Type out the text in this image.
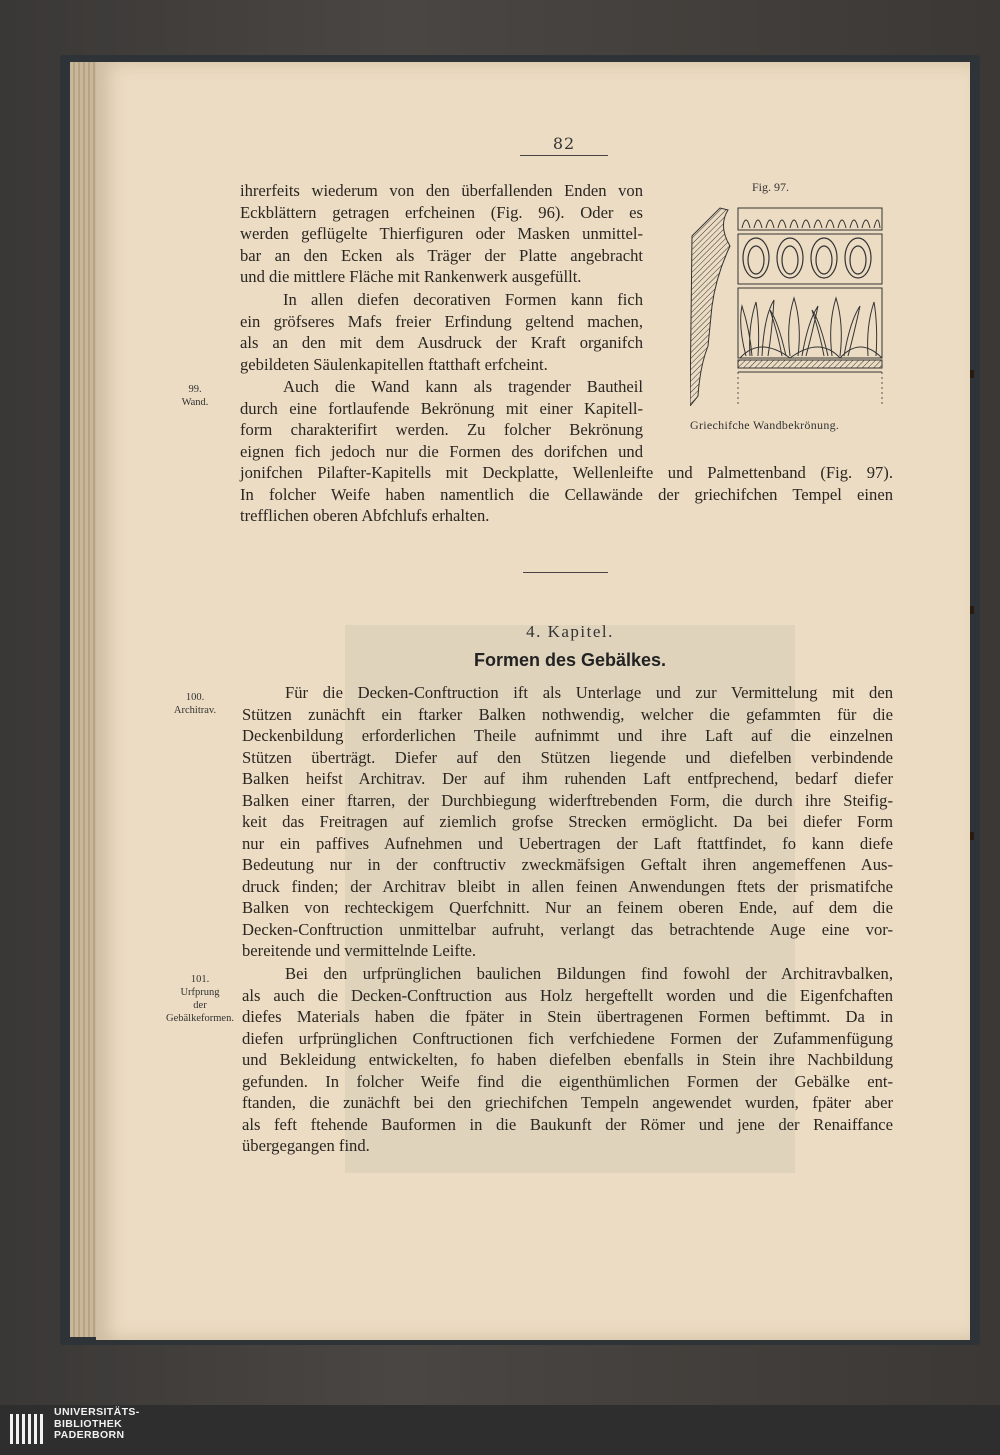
82
ihrerfeits wiederum von den überfallenden Enden von
Eckblättern getragen erfcheinen (Fig. 96). Oder es
werden geflügelte Thierfiguren oder Masken unmittel-
bar an den Ecken als Träger der Platte angebracht
und die mittlere Fläche mit Rankenwerk ausgefüllt.
In allen diefen decorativen Formen kann fich
ein gröfseres Mafs freier Erfindung geltend machen,
als an den mit dem Ausdruck der Kraft organifch
gebildeten Säulenkapitellen ftatthaft erfcheint.
99.
Wand.
Auch die Wand kann als tragender Bautheil
durch eine fortlaufende Bekrönung mit einer Kapitell-
form charakterifirt werden. Zu folcher Bekrönung
eignen fich jedoch nur die Formen des dorifchen und
jonifchen Pilafter-Kapitells mit Deckplatte, Wellenleifte und Palmettenband (Fig. 97).
In folcher Weife haben namentlich die Cellawände der griechifchen Tempel einen
trefflichen oberen Abfchlufs erhalten.
Fig. 97.
Griechifche Wandbekrönung.
4. Kapitel.
Formen des Gebälkes.
100.
Architrav.
Für die Decken-Conftruction ift als Unterlage und zur Vermittelung mit den
Stützen zunächft ein ftarker Balken nothwendig, welcher die gefammten für die
Deckenbildung erforderlichen Theile aufnimmt und ihre Laft auf die einzelnen
Stützen überträgt. Diefer auf den Stützen liegende und diefelben verbindende
Balken heifst Architrav. Der auf ihm ruhenden Laft entfprechend, bedarf diefer
Balken einer ftarren, der Durchbiegung widerftrebenden Form, die durch ihre Steifig-
keit das Freitragen auf ziemlich grofse Strecken ermöglicht. Da bei diefer Form
nur ein paffives Aufnehmen und Uebertragen der Laft ftattfindet, fo kann diefe
Bedeutung nur in der conftructiv zweckmäfsigen Geftalt ihren angemeffenen Aus-
druck finden; der Architrav bleibt in allen feinen Anwendungen ftets der prismatifche
Balken von rechteckigem Querfchnitt. Nur an feinem oberen Ende, auf dem die
Decken-Conftruction unmittelbar aufruht, verlangt das betrachtende Auge eine vor-
bereitende und vermittelnde Leifte.
101.
Urfprung
der
Gebälkeformen.
Bei den urfprünglichen baulichen Bildungen find fowohl der Architravbalken,
als auch die Decken-Conftruction aus Holz hergeftellt worden und die Eigenfchaften
diefes Materials haben die fpäter in Stein übertragenen Formen beftimmt. Da in
diefen urfprünglichen Conftructionen fich verfchiedene Formen der Zufammenfügung
und Bekleidung entwickelten, fo haben diefelben ebenfalls in Stein ihre Nachbildung
gefunden. In folcher Weife find die eigenthümlichen Formen der Gebälke ent-
ftanden, die zunächft bei den griechifchen Tempeln angewendet wurden, fpäter aber
als feft ftehende Bauformen in die Baukunft der Römer und jene der Renaiffance
übergegangen find.
UNIVERSITÄTS-
BIBLIOTHEK
PADERBORN
